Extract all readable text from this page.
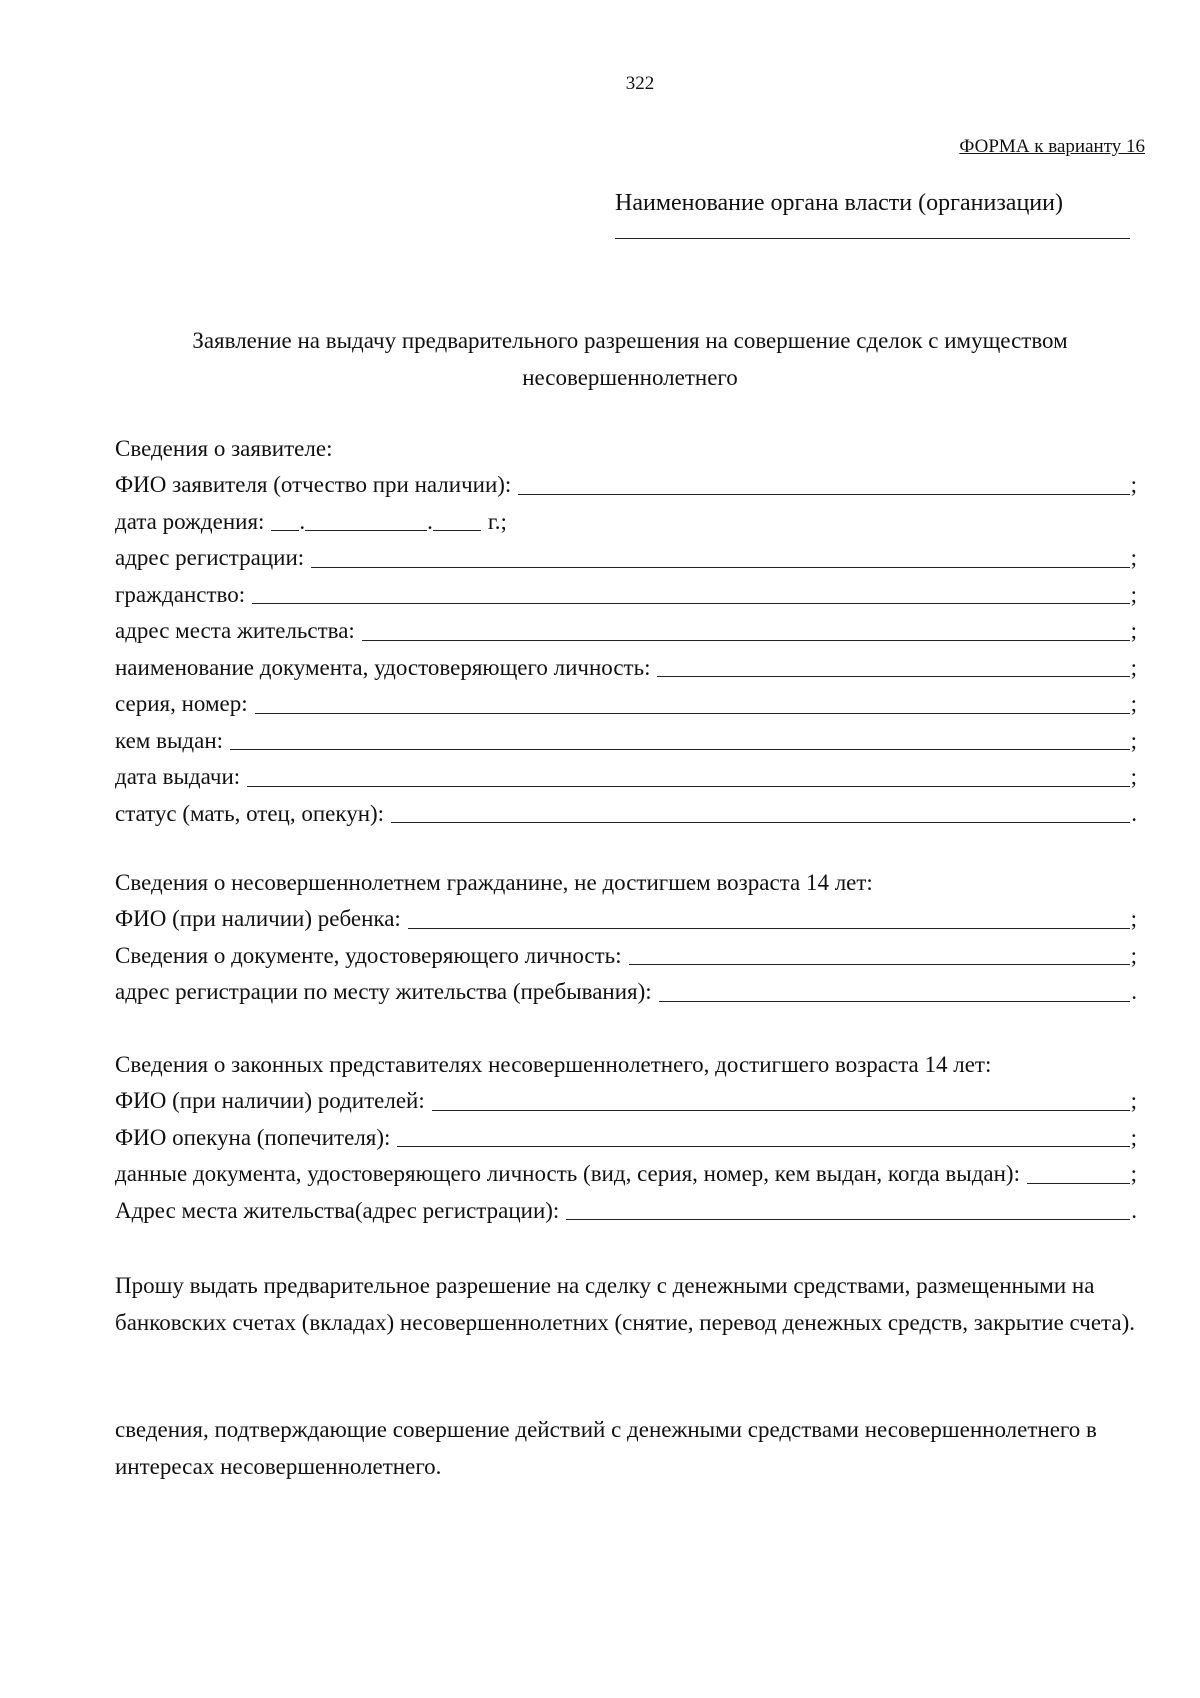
322
ФОРМА к варианту 16
Наименование органа власти (организации)
Заявление на выдачу предварительного разрешения на совершение сделок с имуществом несовершеннолетнего
Сведения о заявителе:
ФИО заявителя (отчество при наличии):	;
дата рождения: .	. г.;
адрес регистрации:	;
гражданство:	;
адрес места жительства:	;
наименование документа, удостоверяющего личность:	;
серия, номер:	;
кем выдан:	;
дата выдачи:	;
статус (мать, отец, опекун):	.
Сведения о несовершеннолетнем гражданине, не достигшем возраста 14 лет:
ФИО (при наличии) ребенка:	;
Сведения о документе, удостоверяющего личность:	;
адрес регистрации по месту жительства (пребывания):	.
Сведения о законных представителях несовершеннолетнего, достигшего возраста 14 лет:
ФИО (при наличии) родителей:	;
ФИО опекуна (попечителя):	;
данные документа, удостоверяющего личность (вид, серия, номер, кем выдан, когда выдан):	;
Адрес места жительства(адрес регистрации):	.
Прошу выдать предварительное разрешение на сделку с денежными средствами, размещенными на банковских счетах (вкладах) несовершеннолетних (снятие, перевод денежных средств, закрытие счета).
сведения, подтверждающие совершение действий с денежными средствами несовершеннолетнего в интересах несовершеннолетнего.
